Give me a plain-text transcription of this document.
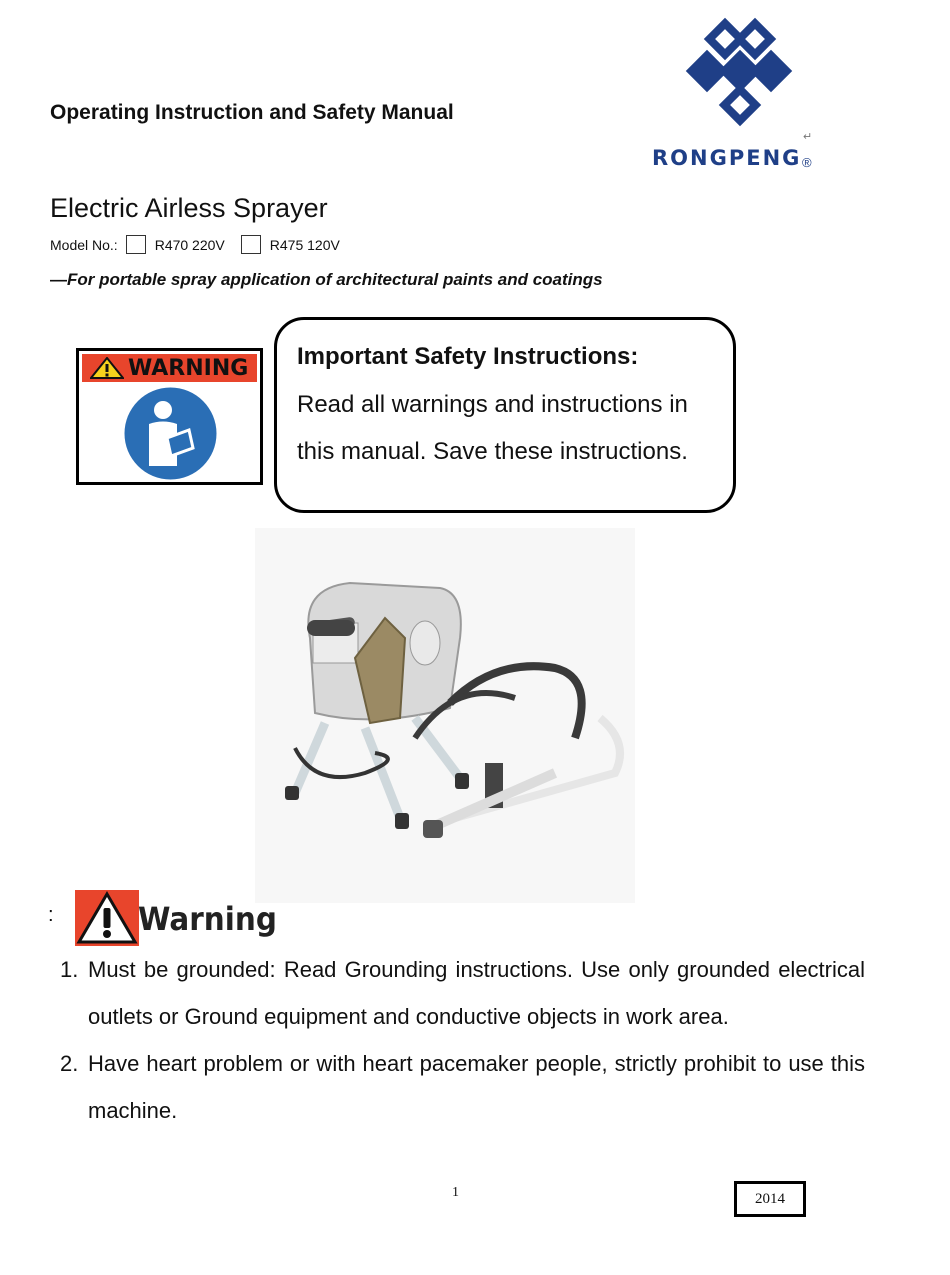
Operating Instruction and Safety Manual
↵
RONGPENG ®
Electric Airless Sprayer
Model No.:	R470 220V	R475 120V
—For portable spray application of architectural paints and coatings
WARNING Important Safety Instructions:
Read all warnings and instructions in
this manual. Save these instructions.
:	Warning
1. Must be grounded: Read Grounding instructions. Use only grounded electrical outlets or Ground equipment and conductive objects in work area.
2. Have heart problem or with heart pacemaker people, strictly prohibit to use this machine.
1	2014
